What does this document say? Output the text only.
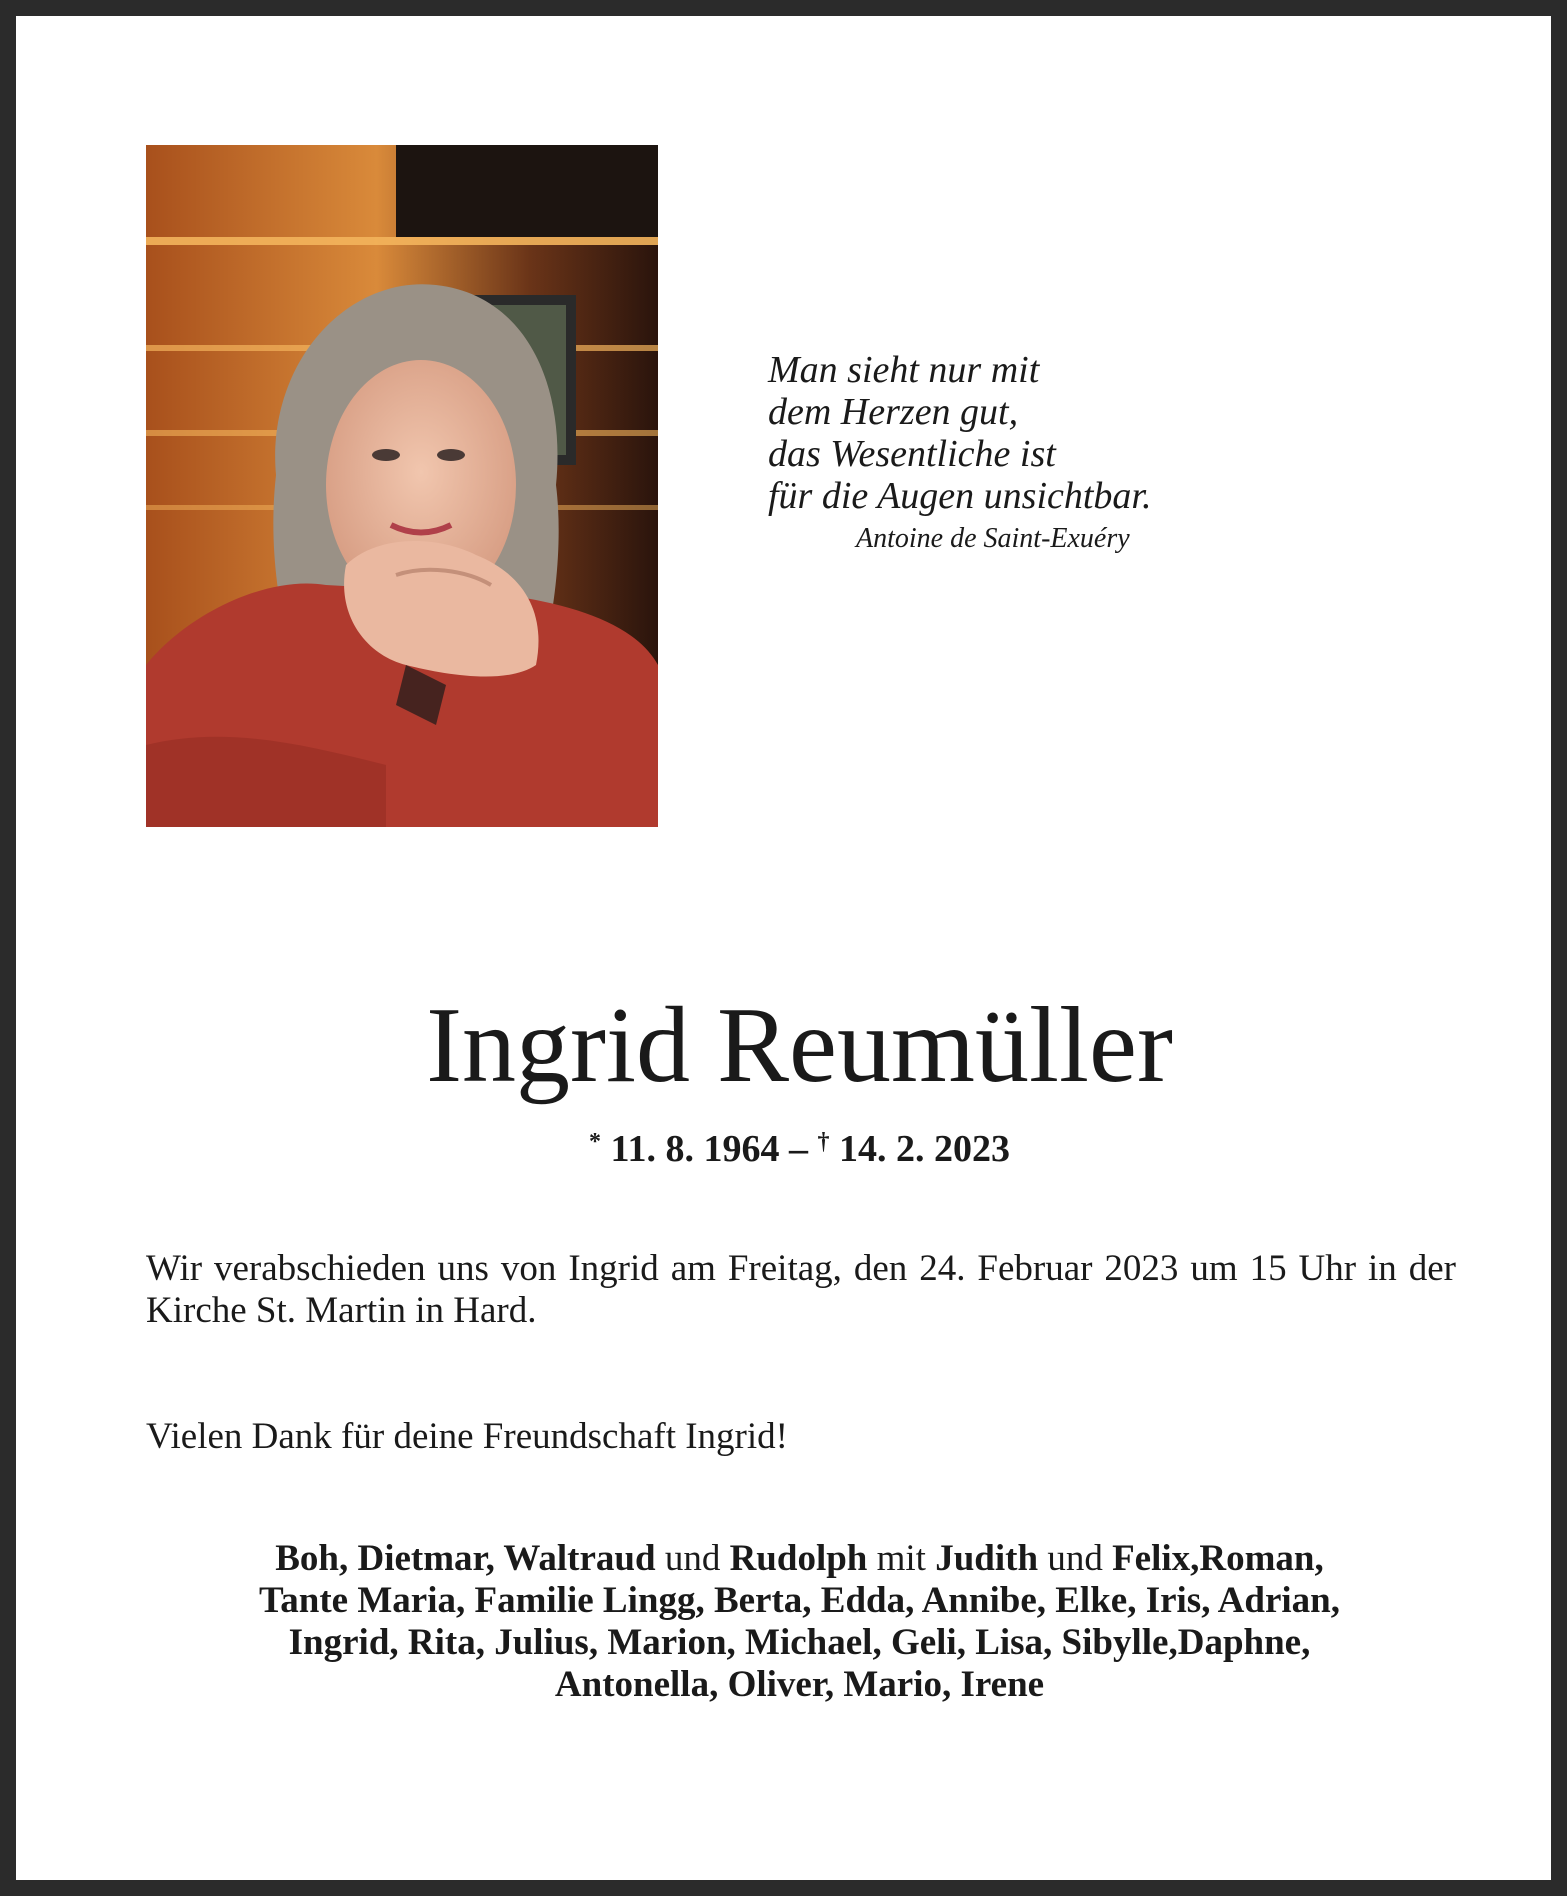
Man sieht nur mit
dem Herzen gut,
das Wesentliche ist
für die Augen unsichtbar.
Antoine de Saint-Exuéry
Ingrid Reumüller
* 11. 8. 1964 – † 14. 2. 2023
Wir verabschieden uns von Ingrid am Freitag, den 24. Februar 2023 um 15 Uhr in der Kirche St. Martin in Hard.
Vielen Dank für deine Freundschaft Ingrid!
Boh, Dietmar, Waltraud und Rudolph mit Judith und Felix,Roman,
Tante Maria, Familie Lingg, Berta, Edda, Annibe, Elke, Iris, Adrian,
Ingrid, Rita, Julius, Marion, Michael, Geli, Lisa, Sibylle,Daphne,
Antonella, Oliver, Mario, Irene
